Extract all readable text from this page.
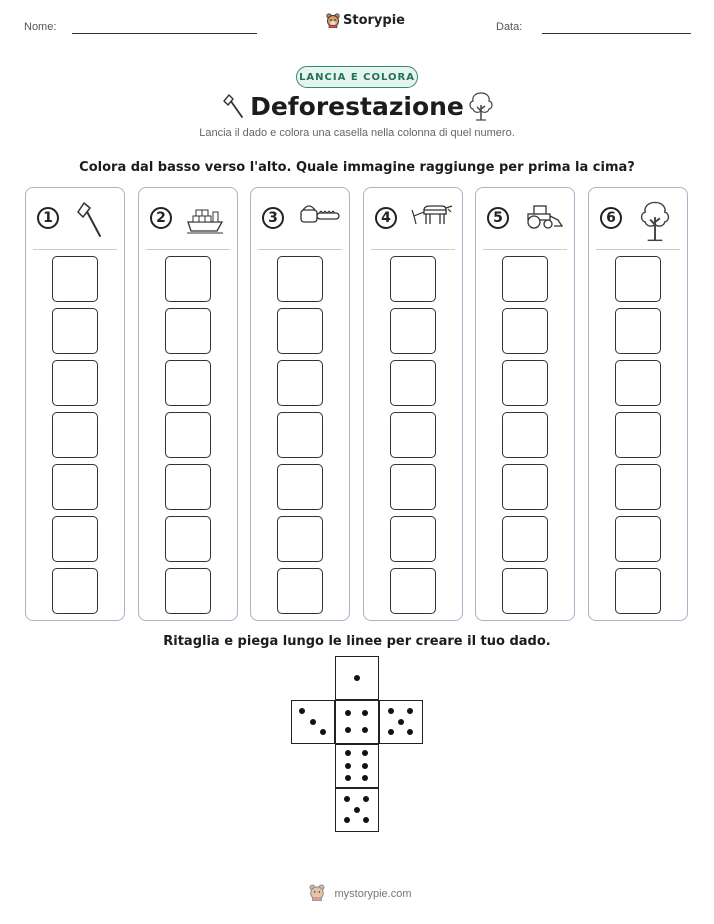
Nome:	Storypie	Data:
LANCIA E COLORA
Deforestazione
Lancia il dado e colora una casella nella colonna di quel numero.
Colora dal basso verso l'alto. Quale immagine raggiunge per prima la cima?
1	2	3	4	5	6
Ritaglia e piega lungo le linee per creare il tuo dado.
mystorypie.com
